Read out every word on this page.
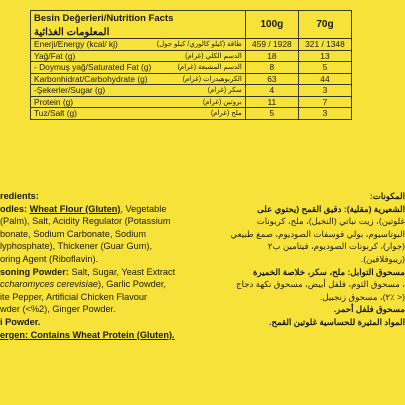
Besin Değerleri/Nutrition Facts
المعلومات الغذائية	100g	70g

Enerji/Energy (kcal/ kj) طاقة (كيلو كالوري/ كيلو جول)	459 / 1928	321 / 1348

Yağ/Fat (g) الدسم الكلي (غرام)	18	13

- Doymuş yağ/Saturated Fat (g) الدسم المشبعة (غرام)	8	5

Karbonhidrat/Carbohydrate (g) الكربوهيدرات (غرام)	63	44

-Şekerler/Sugar (g) سكر (غرام)	4	3

Protein (g) بروتين (غرام)	11	7

Tuz/Salt (g) ملح (غرام)	5	3

redients:

odles: Wheat Flour (Gluten), Vegetable

(Palm), Salt, Acidity Regulator (Potassium

bonate, Sodium Carbonate, Sodium

lyphosphate), Thickener (Guar Gum),

oring Agent (Riboflavin).

soning Powder: Salt, Sugar, Yeast Extract

ccharomyces cerevisiae), Garlic Powder,

ite Pepper, Artificial Chicken Flavour

wder (<%2), Ginger Powder.

i Powder.

ergen: Contains Wheat Protein (Gluten).

المكونات:

الشعيرية (مقلية): دقيق القمح (يحتوي على

غلوتين)، زيت نباتي (النخيل)، ملح، كربونات

البوتاسيوم، بولي فوسفات الصوديوم، صمغ طبيعي

(جوار)، كربونات الصوديوم، فيتامين ب٢

(ريبوفلافين).

مسحوق التوابل: ملح، سكر، خلاصة الخميرة

، مسحوق الثوم، فلفل أبيض، مسحوق نكهة دجاج

(< ٪٢)، مسحوق زنجبيل.

مسحوق فلفل أحمر.

المواد المثيرة للحساسية غلوتين القمح.
